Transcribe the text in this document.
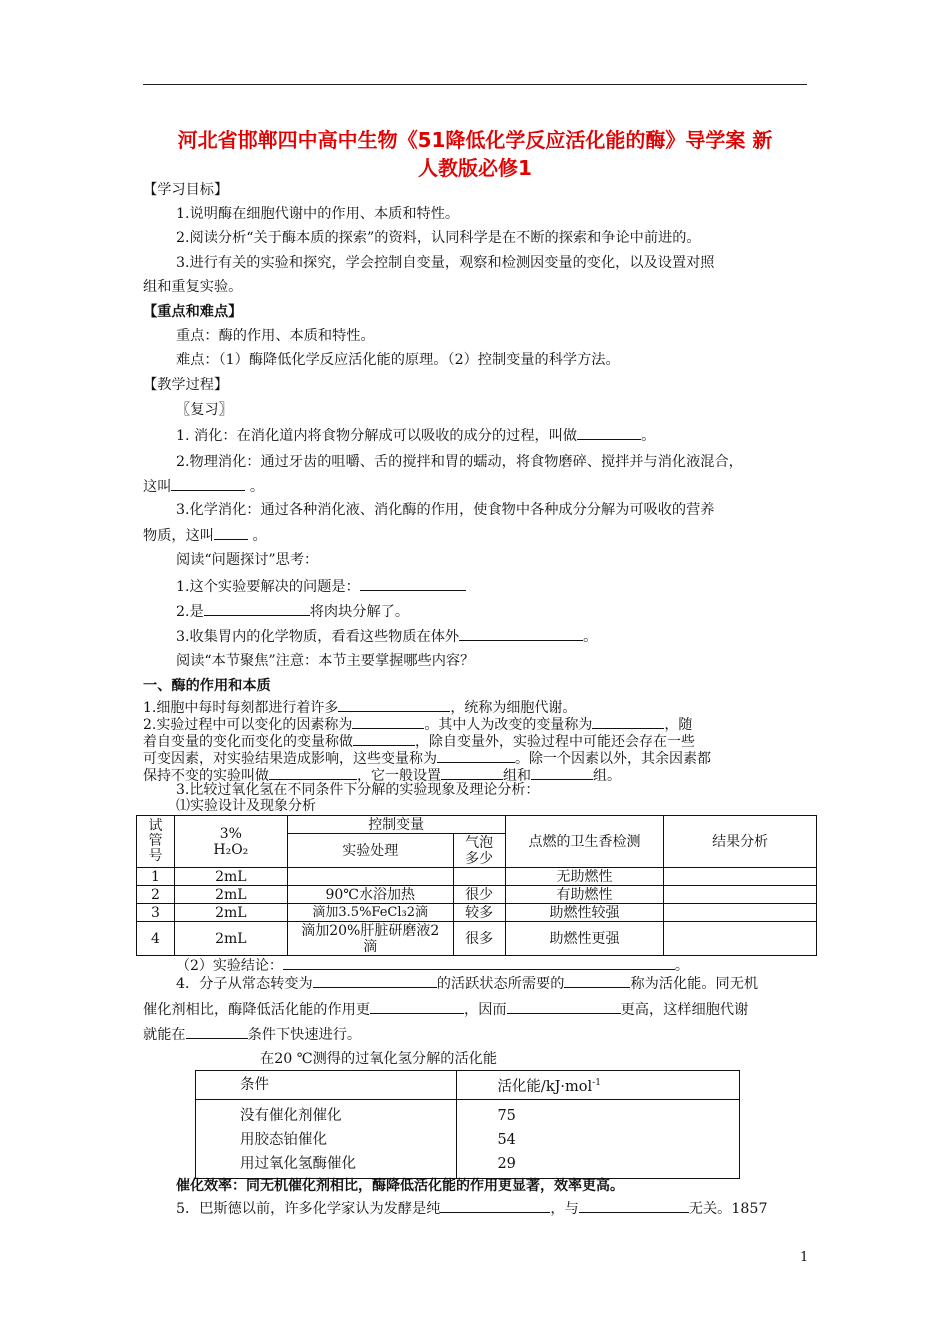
河北省邯郸四中高中生物《51降低化学反应活化能的酶》导学案 新
人教版必修1
【学习目标】
1.说明酶在细胞代谢中的作用、本质和特性。
2.阅读分析“关于酶本质的探索”的资料，认同科学是在不断的探索和争论中前进的。
3.进行有关的实验和探究，学会控制自变量，观察和检测因变量的变化，以及设置对照
组和重复实验。
【重点和难点】
重点：酶的作用、本质和特性。
难点：（1）酶降低化学反应活化能的原理。（2）控制变量的科学方法。
【教学过程】
〖复习〗
1. 消化：在消化道内将食物分解成可以吸收的成分的过程，叫做	。
2.物理消化：通过牙齿的咀嚼、舌的搅拌和胃的蠕动，将食物磨碎、搅拌并与消化液混合，
这叫	。
3.化学消化：通过各种消化液、消化酶的作用，使食物中各种成分分解为可吸收的营养
物质，这叫	。
阅读“问题探讨”思考：
1.这个实验要解决的问题是：
2.是	将肉块分解了。
3.收集胃内的化学物质，看看这些物质在体外	。
阅读“本节聚焦”注意：本节主要掌握哪些内容？
一、酶的作用和本质
1.细胞中每时每刻都进行着许多	，统称为细胞代谢。
2.实验过程中可以变化的因素称为	。其中人为改变的变量称为	，随
着自变量的变化而变化的变量称做	，除自变量外，实验过程中可能还会存在一些
可变因素，对实验结果造成影响，这些变量称为	。除一个因素以外，其余因素都
保持不变的实验叫做	，它一般设置	组和	组。
3.比较过氧化氢在不同条件下分解的实验现象及理论分析：
⑴实验设计及现象分析
试管号	3%
H₂O₂	控制变量		点燃的卫生香检测	结果分析
		实验处理	气泡多少		
1	2mL			无助燃性	
2	2mL	90℃水浴加热	很少	有助燃性	
3	2mL	滴加3.5%FeCl₃2滴	较多	助燃性较强	
4	2mL	滴加20%肝脏研磨液2滴	很多	助燃性更强	
（2）实验结论：	。
4．分子从常态转变为	的活跃状态所需要的	称为活化能。同无机
催化剂相比，酶降低活化能的作用更	，因而	更高，这样细胞代谢
就能在	条件下快速进行。
在20 ℃测得的过氧化氢分解的活化能
条件	活化能/kJ·mol$^{-1}$
没有催化剂催化	75
用胶态铂催化	54
用过氧化氢酶催化	29
催化效率：同无机催化剂相比，酶降低活化能的作用更显著，效率更高。
5．巴斯德以前，许多化学家认为发酵是纯	，与	无关。1857
1
